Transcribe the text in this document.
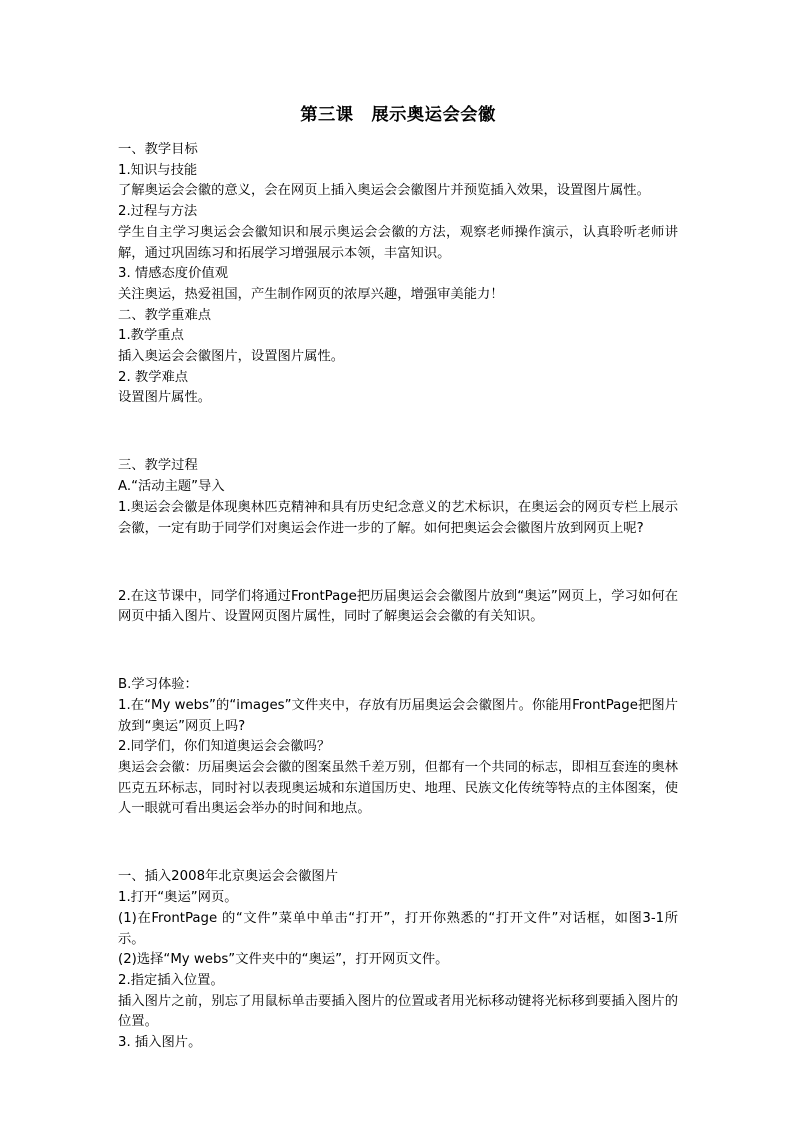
第三课　展示奥运会会徽

一、教学目标

1.知识与技能

了解奥运会会徽的意义，会在网页上插入奥运会会徽图片并预览插入效果，设置图片属性。

2.过程与方法

学生自主学习奥运会会徽知识和展示奥运会会徽的方法，观察老师操作演示，认真聆听老师讲解，通过巩固练习和拓展学习增强展示本领，丰富知识。

3. 情感态度价值观

关注奥运，热爱祖国，产生制作网页的浓厚兴趣，增强审美能力！

二、教学重难点

1.教学重点

插入奥运会会徽图片，设置图片属性。

2. 教学难点

设置图片属性。

三、教学过程

A.“活动主题”导入

1.奥运会会徽是体现奥林匹克精神和具有历史纪念意义的艺术标识，在奥运会的网页专栏上展示会徽，一定有助于同学们对奥运会作进一步的了解。如何把奥运会会徽图片放到网页上呢?

2.在这节课中，同学们将通过FrontPage把历届奥运会会徽图片放到“奥运”网页上，学习如何在网页中插入图片、设置网页图片属性，同时了解奥运会会徽的有关知识。

B.学习体验：

1.在“My webs”的“images”文件夹中，存放有历届奥运会会徽图片。你能用FrontPage把图片放到“奥运”网页上吗?

2.同学们，你们知道奥运会会徽吗？

奥运会会徽：历届奥运会会徽的图案虽然千差万别，但都有一个共同的标志，即相互套连的奥林匹克五环标志，同时衬以表现奥运城和东道国历史、地理、民族文化传统等特点的主体图案，使人一眼就可看出奥运会举办的时间和地点。

一、插入2008年北京奥运会会徽图片

1.打开“奥运”网页。

(1)在FrontPage 的“文件”菜单中单击“打开”，打开你熟悉的“打开文件”对话框，如图3-1所示。

(2)选择“My webs”文件夹中的“奥运”，打开网页文件。

2.指定插入位置。

插入图片之前，别忘了用鼠标单击要插入图片的位置或者用光标移动键将光标移到要插入图片的位置。

3. 插入图片。
